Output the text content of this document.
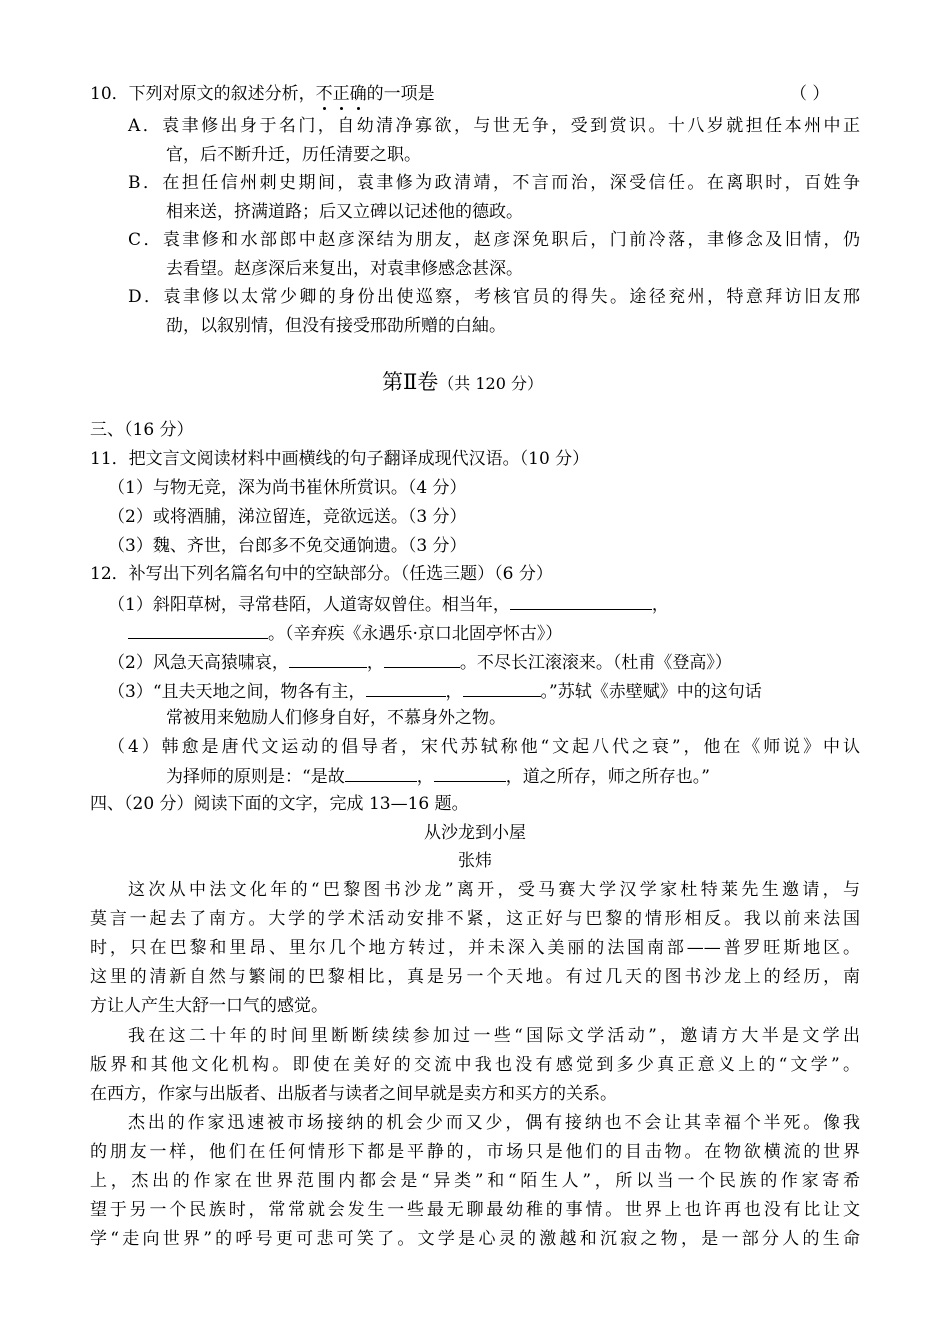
10．下列对原文的叙述分析，不正确的一项是	（ ）
A．袁聿修出身于名门，自幼清净寡欲，与世无争，受到赏识。十八岁就担任本州中正
官，后不断升迁，历任清要之职。
B．在担任信州刺史期间，袁聿修为政清靖，不言而治，深受信任。在离职时，百姓争
相来送，挤满道路；后又立碑以记述他的德政。
C．袁聿修和水部郎中赵彦深结为朋友，赵彦深免职后，门前冷落，聿修念及旧情，仍
去看望。赵彦深后来复出，对袁聿修感念甚深。
D．袁聿修以太常少卿的身份出使巡察，考核官员的得失。途径兖州，特意拜访旧友邢
劭，以叙别情，但没有接受邢劭所赠的白紬。
第Ⅱ卷（共 120 分）
三、（16 分）
11．把文言文阅读材料中画横线的句子翻译成现代汉语。（10 分）
（1）与物无竞，深为尚书崔休所赏识。（4 分）
（2）或将酒脯，涕泣留连，竞欲远送。（3 分）
（3）魏、齐世，台郎多不免交通饷遗。（3 分）
12．补写出下列名篇名句中的空缺部分。（任选三题）（6 分）
（1）斜阳草树，寻常巷陌，人道寄奴曾住。相当年，	，
。（辛弃疾《永遇乐·京口北固亭怀古》）
（2）风急天高猿啸哀，	，	。不尽长江滚滚来。（杜甫《登高》）
（3）“且夫天地之间，物各有主，	，	。”苏轼《赤壁赋》中的这句话
常被用来勉励人们修身自好，不慕身外之物。
（4）韩愈是唐代文运动的倡导者，宋代苏轼称他“文起八代之衰”，他在《师说》中认
为择师的原则是：“是故	，	，道之所存，师之所存也。”
四、（20 分）阅读下面的文字，完成 13—16 题。
从沙龙到小屋
张炜
这次从中法文化年的“巴黎图书沙龙”离开，受马赛大学汉学家杜特莱先生邀请，与
莫言一起去了南方。大学的学术活动安排不紧，这正好与巴黎的情形相反。我以前来法国
时，只在巴黎和里昂、里尔几个地方转过，并未深入美丽的法国南部——普罗旺斯地区。
这里的清新自然与繁闹的巴黎相比，真是另一个天地。有过几天的图书沙龙上的经历，南
方让人产生大舒一口气的感觉。
我在这二十年的时间里断断续续参加过一些“国际文学活动”，邀请方大半是文学出
版界和其他文化机构。即使在美好的交流中我也没有感觉到多少真正意义上的“文学”。
在西方，作家与出版者、出版者与读者之间早就是卖方和买方的关系。
杰出的作家迅速被市场接纳的机会少而又少，偶有接纳也不会让其幸福个半死。像我
的朋友一样，他们在任何情形下都是平静的，市场只是他们的目击物。在物欲横流的世界
上，杰出的作家在世界范围内都会是“异类”和“陌生人”，所以当一个民族的作家寄希
望于另一个民族时，常常就会发生一些最无聊最幼稚的事情。世界上也许再也没有比让文
学“走向世界”的呼号更可悲可笑了。文学是心灵的激越和沉寂之物，是一部分人的生命
